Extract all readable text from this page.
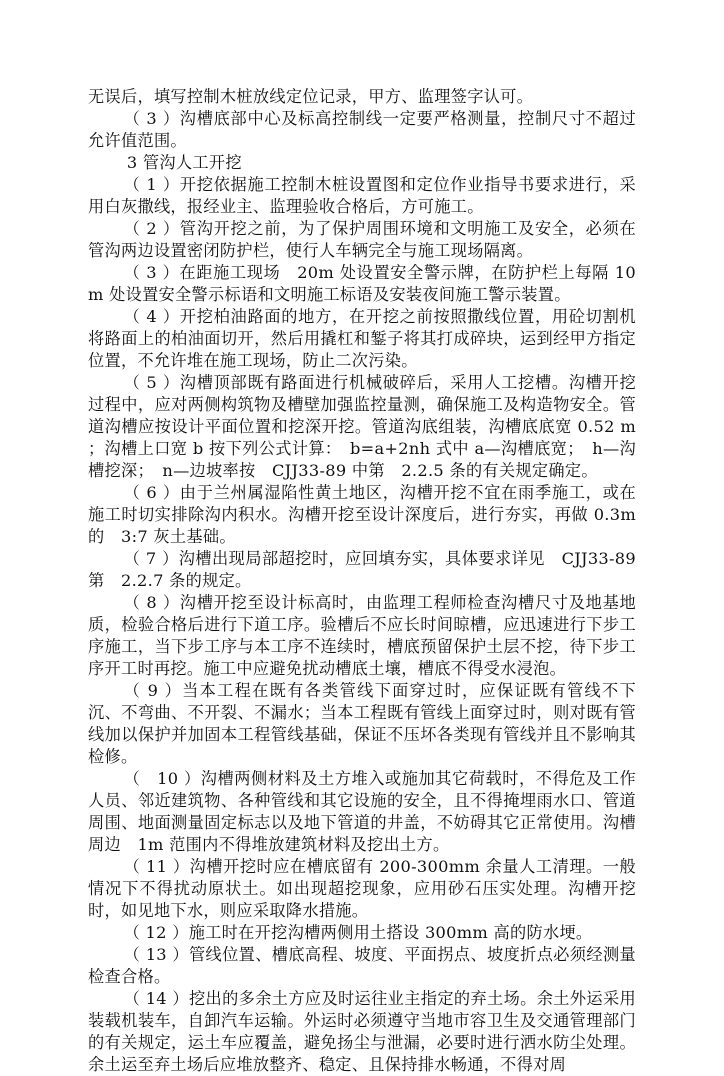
无误后，填写控制木桩放线定位记录，甲方、监理签字认可。

（ 3 ）沟槽底部中心及标高控制线一定要严格测量，控制尺寸不超过允许值范围。

3 管沟人工开挖

（ 1 ）开挖依据施工控制木桩设置图和定位作业指导书要求进行，采用白灰撒线，报经业主、监理验收合格后，方可施工。

（ 2 ）管沟开挖之前，为了保护周围环境和文明施工及安全，必须在管沟两边设置密闭防护栏，使行人车辆完全与施工现场隔离。

（ 3 ）在距施工现场　20m 处设置安全警示牌，在防护栏上每隔 10m 处设置安全警示标语和文明施工标语及安装夜间施工警示装置。

（ 4 ）开挖柏油路面的地方，在开挖之前按照撒线位置，用砼切割机将路面上的柏油面切开，然后用撬杠和錾子将其打成碎块，运到经甲方指定位置，不允许堆在施工现场，防止二次污染。

（ 5 ）沟槽顶部既有路面进行机械破碎后，采用人工挖槽。沟槽开挖过程中，应对两侧构筑物及槽壁加强监控量测，确保施工及构造物安全。管道沟槽应按设计平面位置和挖深开挖。管道沟底组装，沟槽底底宽 0.52 m ；沟槽上口宽 b 按下列公式计算：　b=a+2nh 式中 a—沟槽底宽；　h—沟槽挖深；　n—边坡率按　CJJ33-89 中第　2.2.5 条的有关规定确定。

（ 6 ）由于兰州属湿陷性黄土地区，沟槽开挖不宜在雨季施工，或在施工时切实排除沟内积水。沟槽开挖至设计深度后，进行夯实，再做 0.3m 的　3:7 灰土基础。

（ 7 ）沟槽出现局部超挖时，应回填夯实，具体要求详见　CJJ33-89 第　2.2.7 条的规定。

（ 8 ）沟槽开挖至设计标高时，由监理工程师检查沟槽尺寸及地基地质，检验合格后进行下道工序。验槽后不应长时间晾槽，应迅速进行下步工序施工，当下步工序与本工序不连续时，槽底预留保护土层不挖，待下步工序开工时再挖。施工中应避免扰动槽底土壤，槽底不得受水浸泡。

（ 9 ）当本工程在既有各类管线下面穿过时，应保证既有管线不下沉、不弯曲、不开裂、不漏水；当本工程既有管线上面穿过时，则对既有管线加以保护并加固本工程管线基础，保证不压坏各类现有管线并且不影响其检修。

（　10 ）沟槽两侧材料及土方堆入或施加其它荷载时，不得危及工作人员、邻近建筑物、各种管线和其它设施的安全，且不得掩埋雨水口、管道周围、地面测量固定标志以及地下管道的井盖，不妨碍其它正常使用。沟槽周边　1m 范围内不得堆放建筑材料及挖出土方。

（ 11 ）沟槽开挖时应在槽底留有 200-300mm 余量人工清理。一般情况下不得扰动原状土。如出现超挖现象，应用砂石压实处理。沟槽开挖时，如见地下水，则应采取降水措施。

（ 12 ）施工时在开挖沟槽两侧用土搭设 300mm 高的防水埂。

（ 13 ）管线位置、槽底高程、坡度、平面拐点、坡度折点必须经测量检查合格。

（ 14 ）挖出的多余土方应及时运往业主指定的弃土场。余土外运采用装载机装车，自卸汽车运输。外运时必须遵守当地市容卫生及交通管理部门的有关规定，运土车应覆盖，避免扬尘与泄漏，必要时进行洒水防尘处理。余土运至弃土场后应堆放整齐、稳定、且保持排水畅通，不得对周
